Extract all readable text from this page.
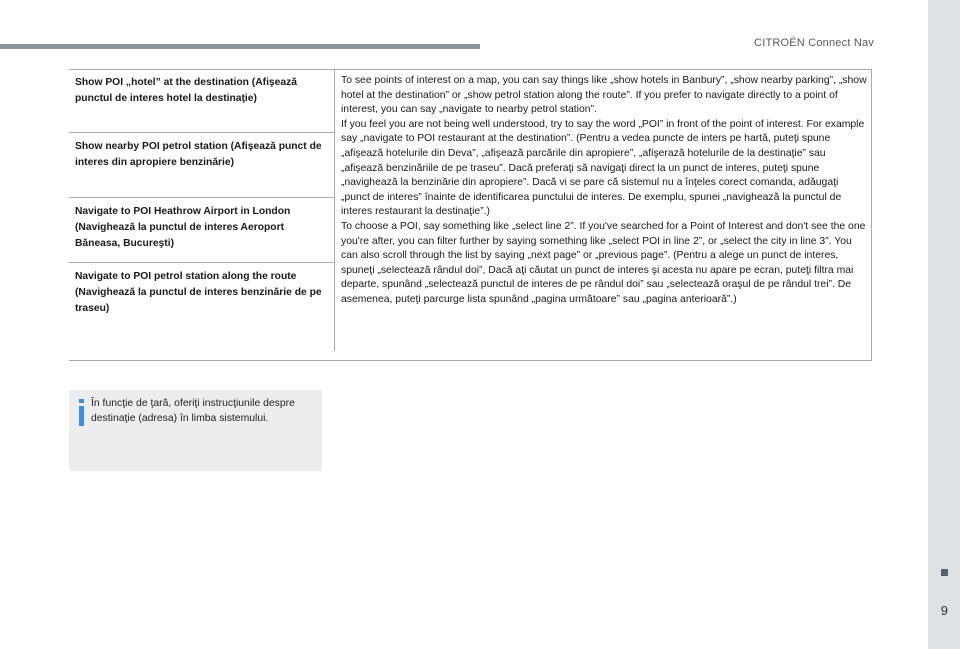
CITROËN Connect Nav
9
Show POI „hotel” at the destination (Afişează punctul de interes hotel la destinaţie)
Show nearby POI petrol station (Afişează punct de interes din apropiere benzinărie)
Navigate to POI Heathrow Airport in London (Navighează la punctul de interes Aeroport Băneasa, Bucureşti)
Navigate to POI petrol station along the route (Navighează la punctul de interes benzinărie de pe traseu)

To see points of interest on a map, you can say things like „show hotels in Banbury”, „show nearby parking”, „show hotel at the destination” or „show petrol station along the route”. If you prefer to navigate directly to a point of interest, you can say „navigate to nearby petrol station”.
If you feel you are not being well understood, try to say the word „POI” in front of the point of interest. For example say „navigate to POI restaurant at the destination”. (Pentru a vedea puncte de inters pe hartă, puteţi spune „afişează hotelurile din Deva”, „afişează parcările din apropiere”, „afişerază hotelurile de la destinaţie” sau „afişează benzinăriile de pe traseu”. Dacă preferaţi să navigaţi direct la un punct de interes, puteţi spune „navighează la benzinărie din apropiere”. Dacă vi se pare că sistemul nu a înţeles corect comanda, adăugaţi „punct de interes” înainte de identificarea punctului de interes. De exemplu, spunei „navighează la punctul de interes restaurant la destinaţie”.)
To choose a POI, say something like „select line 2”. If you've searched for a Point of Interest and don't see the one you're after, you can filter further by saying something like „select POI in line 2”, or „select the city in line 3”. You can also scroll through the list by saying „next page” or „previous page”. (Pentru a alege un punct de interes, spuneţi „selectează rândul doi”, Dacă aţi căutat un punct de interes şi acesta nu apare pe ecran, puteţi filtra mai departe, spunând „selectează punctul de interes de pe rândul doi” sau „selectează oraşul de pe rândul trei”. De asemenea, puteţi parcurge lista spunând „pagina următoare” sau „pagina anterioară”.)
În funcţie de ţară, oferiţi instrucţiunile despre destinaţie (adresa) în limba sistemului.
